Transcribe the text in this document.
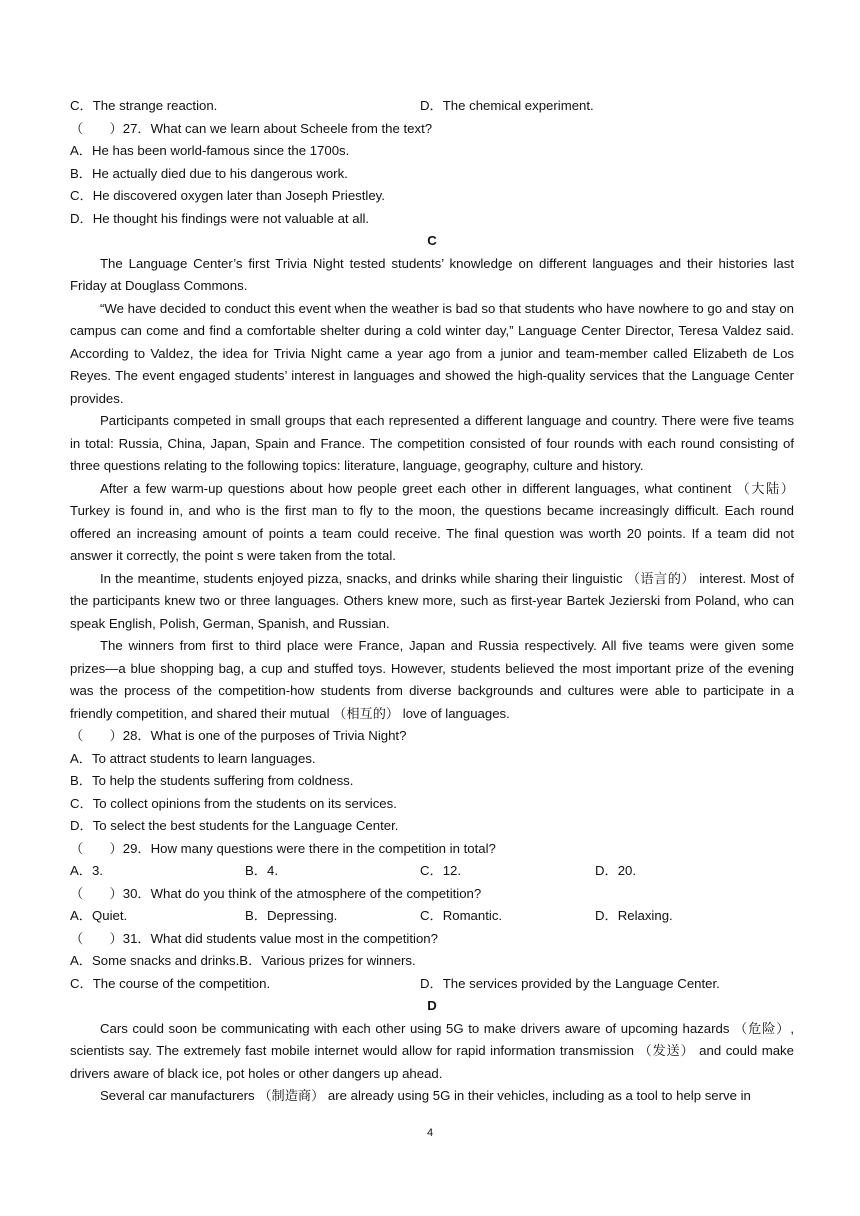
C．The strange reaction.	D．The chemical experiment.
（　　）27．What can we learn about Scheele from the text?
A．He has been world-famous since the 1700s.
B．He actually died due to his dangerous work.
C．He discovered oxygen later than Joseph Priestley.
D．He thought his findings were not valuable at all.
C
The Language Center’s first Trivia Night tested students’ knowledge on different languages and their histories last Friday at Douglass Commons.
“We have decided to conduct this event when the weather is bad so that students who have nowhere to go and stay on campus can come and find a comfortable shelter during a cold winter day,” Language Center Director, Teresa Valdez said. According to Valdez, the idea for Trivia Night came a year ago from a junior and team-member called Elizabeth de Los Reyes. The event engaged students’ interest in languages and showed the high-quality services that the Language Center provides.
Participants competed in small groups that each represented a different language and country. There were five teams in total: Russia, China, Japan, Spain and France. The competition consisted of four rounds with each round consisting of three questions relating to the following topics: literature, language, geography, culture and history.
After a few warm-up questions about how people greet each other in different languages, what continent （大陆） Turkey is found in, and who is the first man to fly to the moon, the questions became increasingly difficult. Each round offered an increasing amount of points a team could receive. The final question was worth 20 points. If a team did not answer it correctly, the point s were taken from the total.
In the meantime, students enjoyed pizza, snacks, and drinks while sharing their linguistic （语言的） interest. Most of the participants knew two or three languages. Others knew more, such as first-year Bartek Jezierski from Poland, who can speak English, Polish, German, Spanish, and Russian.
The winners from first to third place were France, Japan and Russia respectively. All five teams were given some prizes—a blue shopping bag, a cup and stuffed toys. However, students believed the most important prize of the evening was the process of the competition-how students from diverse backgrounds and cultures were able to participate in a friendly competition, and shared their mutual （相互的） love of languages.
（　　）28．What is one of the purposes of Trivia Night?
A．To attract students to learn languages.
B．To help the students suffering from coldness.
C．To collect opinions from the students on its services.
D．To select the best students for the Language Center.
（　　）29．How many questions were there in the competition in total?
A．3.	B．4.	C．12.	D．20.
（　　）30．What do you think of the atmosphere of the competition?
A．Quiet.	B．Depressing.	C．Romantic.	D．Relaxing.
（　　）31．What did students value most in the competition?
A．Some snacks and drinks.B．Various prizes for winners.
C．The course of the competition.	D．The services provided by the Language Center.
D
Cars could soon be communicating with each other using 5G to make drivers aware of upcoming hazards （危险）, scientists say. The extremely fast mobile internet would allow for rapid information transmission （发送） and could make drivers aware of black ice, pot holes or other dangers up ahead.
Several car manufacturers （制造商） are already using 5G in their vehicles, including as a tool to help serve in
4
